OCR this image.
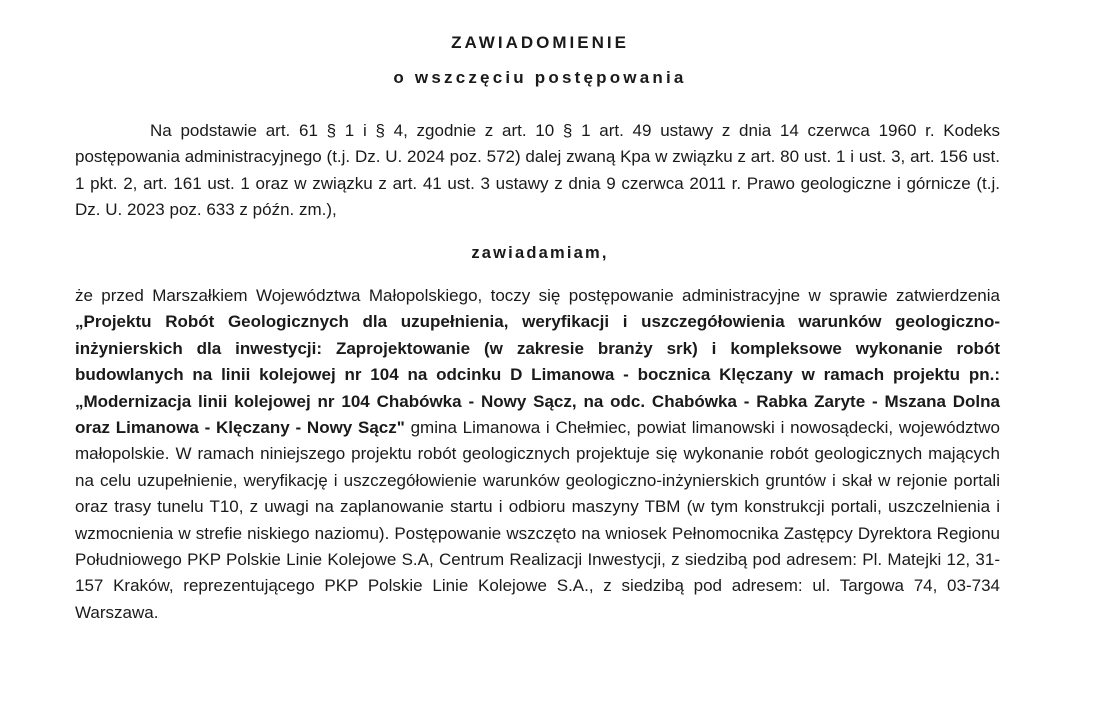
ZAWIADOMIENIE
o wszczęciu postępowania

Na podstawie art. 61 § 1 i § 4, zgodnie z art. 10 § 1 art. 49 ustawy z dnia 14 czerwca 1960 r. Kodeks postępowania administracyjnego (t.j. Dz. U. 2024 poz. 572) dalej zwaną Kpa w związku z art. 80 ust. 1 i ust. 3, art. 156 ust. 1 pkt. 2, art. 161 ust. 1 oraz w związku z art. 41 ust. 3 ustawy z dnia 9 czerwca 2011 r. Prawo geologiczne i górnicze (t.j. Dz. U. 2023 poz. 633 z późn. zm.),

zawiadamiam,

że przed Marszałkiem Województwa Małopolskiego, toczy się postępowanie administracyjne w sprawie zatwierdzenia „Projektu Robót Geologicznych dla uzupełnienia, weryfikacji i uszczegółowienia warunków geologiczno-inżynierskich dla inwestycji: Zaprojektowanie (w zakresie branży srk) i kompleksowe wykonanie robót budowlanych na linii kolejowej nr 104 na odcinku D Limanowa - bocznica Klęczany w ramach projektu pn.: „Modernizacja linii kolejowej nr 104 Chabówka - Nowy Sącz, na odc. Chabówka - Rabka Zaryte - Mszana Dolna oraz Limanowa - Klęczany - Nowy Sącz" gmina Limanowa i Chełmiec, powiat limanowski i nowosądecki, województwo małopolskie. W ramach niniejszego projektu robót geologicznych projektuje się wykonanie robót geologicznych mających na celu uzupełnienie, weryfikację i uszczegółowienie warunków geologiczno-inżynierskich gruntów i skał w rejonie portali oraz trasy tunelu T10, z uwagi na zaplanowanie startu i odbioru maszyny TBM (w tym konstrukcji portali, uszczelnienia i wzmocnienia w strefie niskiego naziomu). Postępowanie wszczęto na wniosek Pełnomocnika Zastępcy Dyrektora Regionu Południowego PKP Polskie Linie Kolejowe S.A, Centrum Realizacji Inwestycji, z siedzibą pod adresem: Pl. Matejki 12, 31-157 Kraków, reprezentującego PKP Polskie Linie Kolejowe S.A., z siedzibą pod adresem: ul. Targowa 74, 03-734 Warszawa.
